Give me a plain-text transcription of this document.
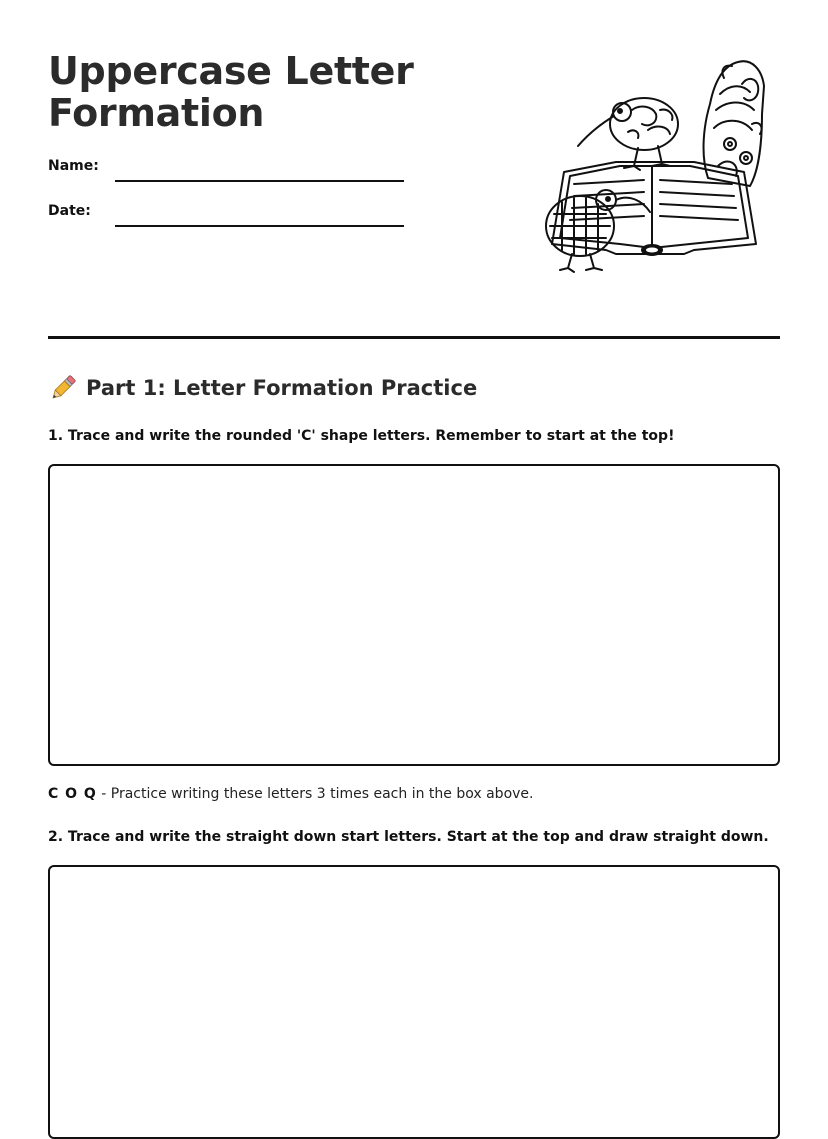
Uppercase Letter Formation
Name:
Date:
Part 1: Letter Formation Practice
1. Trace and write the rounded 'C' shape letters. Remember to start at the top!
C O Q - Practice writing these letters 3 times each in the box above.
2. Trace and write the straight down start letters. Start at the top and draw straight down.
